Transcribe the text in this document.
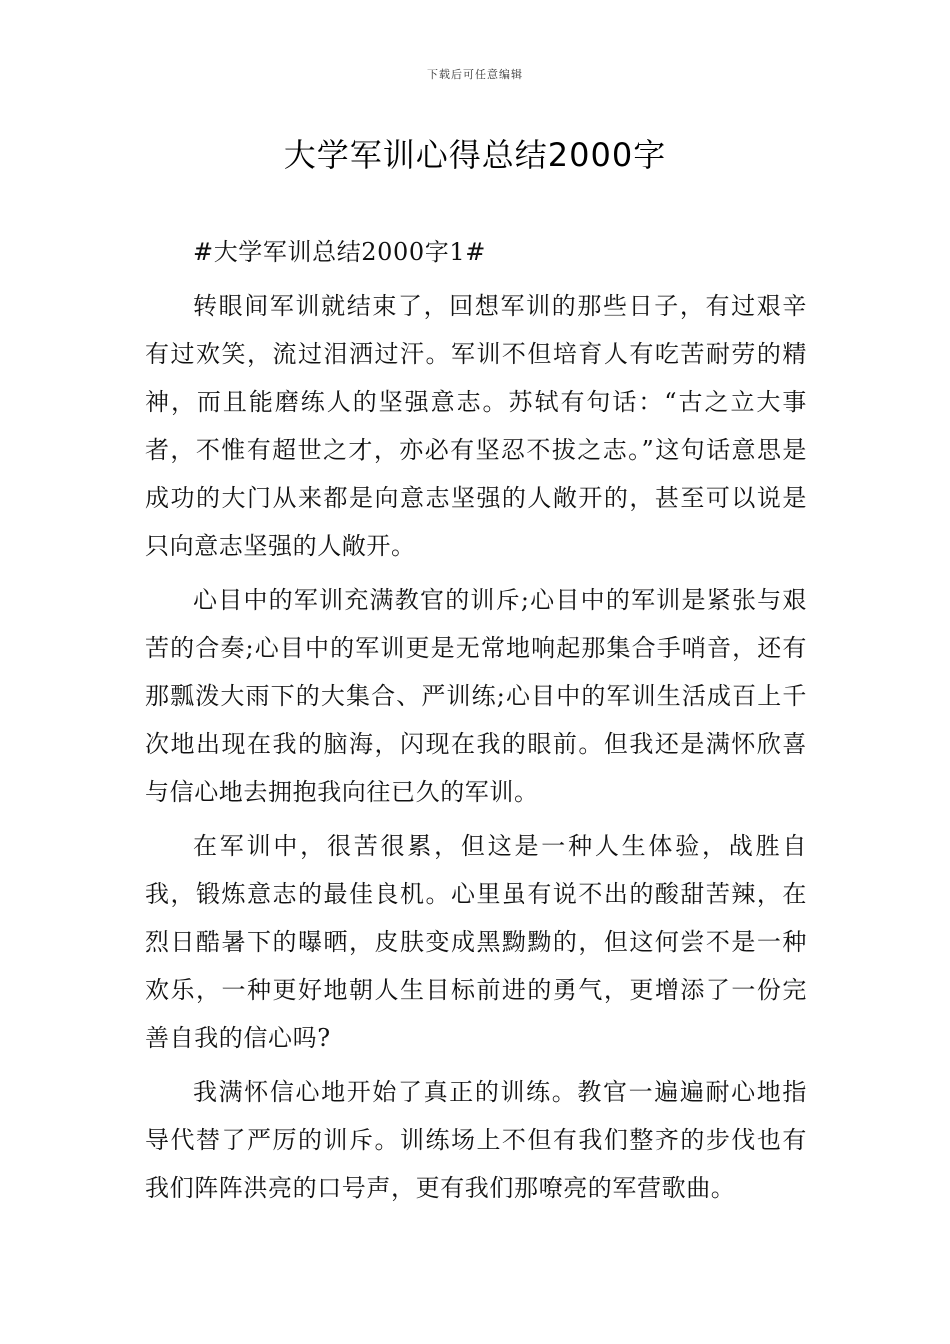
下载后可任意编辑
大学军训心得总结2000字

#大学军训总结2000字1#

转眼间军训就结束了，回想军训的那些日子，有过艰辛有过欢笑，流过泪洒过汗。军训不但培育人有吃苦耐劳的精神，而且能磨练人的坚强意志。苏轼有句话：“古之立大事者，不惟有超世之才，亦必有坚忍不拔之志。”这句话意思是成功的大门从来都是向意志坚强的人敞开的，甚至可以说是只向意志坚强的人敞开。

心目中的军训充满教官的训斥;心目中的军训是紧张与艰苦的合奏;心目中的军训更是无常地响起那集合手哨音，还有那瓢泼大雨下的大集合、严训练;心目中的军训生活成百上千次地出现在我的脑海，闪现在我的眼前。但我还是满怀欣喜与信心地去拥抱我向往已久的军训。

在军训中，很苦很累，但这是一种人生体验，战胜自我，锻炼意志的最佳良机。心里虽有说不出的酸甜苦辣，在烈日酷暑下的曝晒，皮肤变成黑黝黝的，但这何尝不是一种欢乐，一种更好地朝人生目标前进的勇气，更增添了一份完善自我的信心吗?

我满怀信心地开始了真正的训练。教官一遍遍耐心地指导代替了严厉的训斥。训练场上不但有我们整齐的步伐也有我们阵阵洪亮的口号声，更有我们那嘹亮的军营歌曲。
